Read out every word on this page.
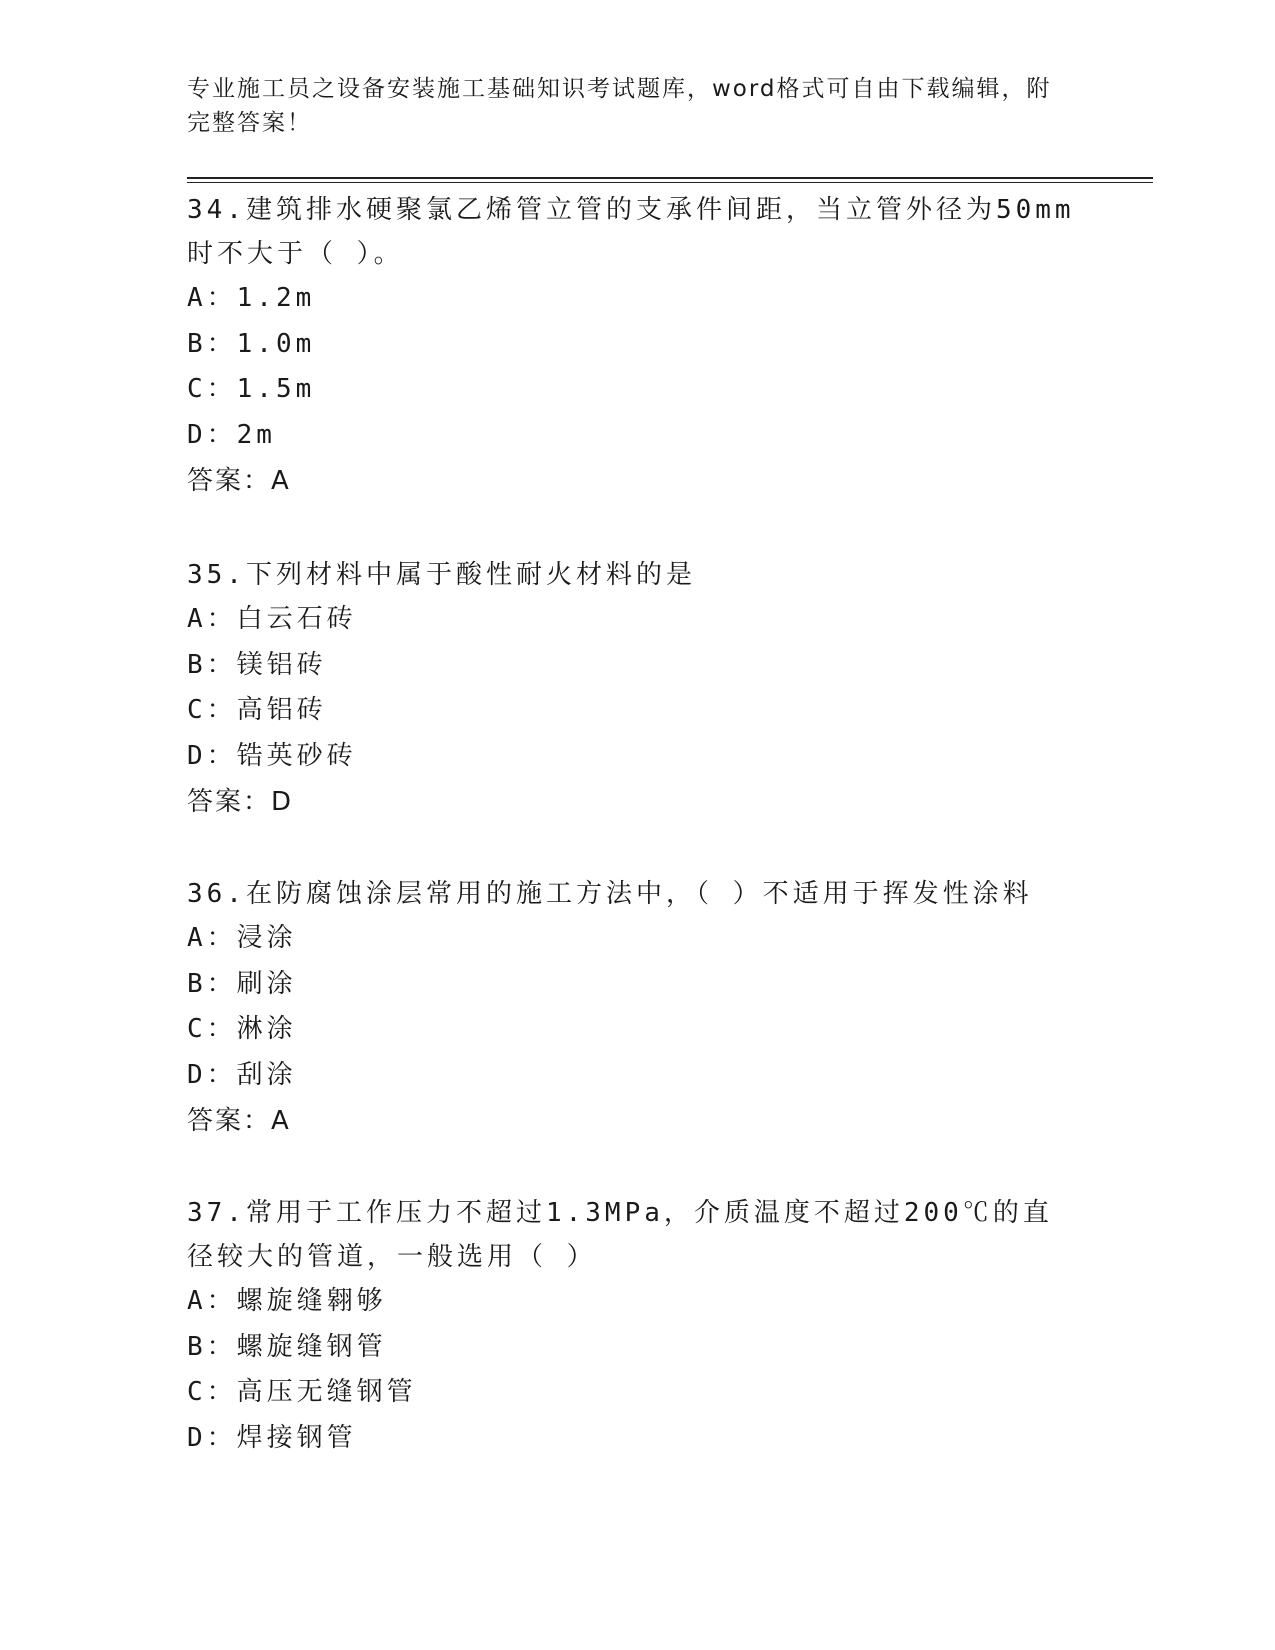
专业施工员之设备安装施工基础知识考试题库，word格式可自由下载编辑，附完整答案！
34.建筑排水硬聚氯乙烯管立管的支承件间距，当立管外径为50mm时不大于（ ）。
A：1.2m
B：1.0m
C：1.5m
D：2m
答案：A
35.下列材料中属于酸性耐火材料的是
A：白云石砖
B：镁铝砖
C：高铝砖
D：锆英砂砖
答案：D
36.在防腐蚀涂层常用的施工方法中，（ ）不适用于挥发性涂料
A：浸涂
B：刷涂
C：淋涂
D：刮涂
答案：A
37.常用于工作压力不超过1.3MPa，介质温度不超过200℃的直径较大的管道，一般选用（ ）
A：螺旋缝翱够
B：螺旋缝钢管
C：高压无缝钢管
D：焊接钢管
